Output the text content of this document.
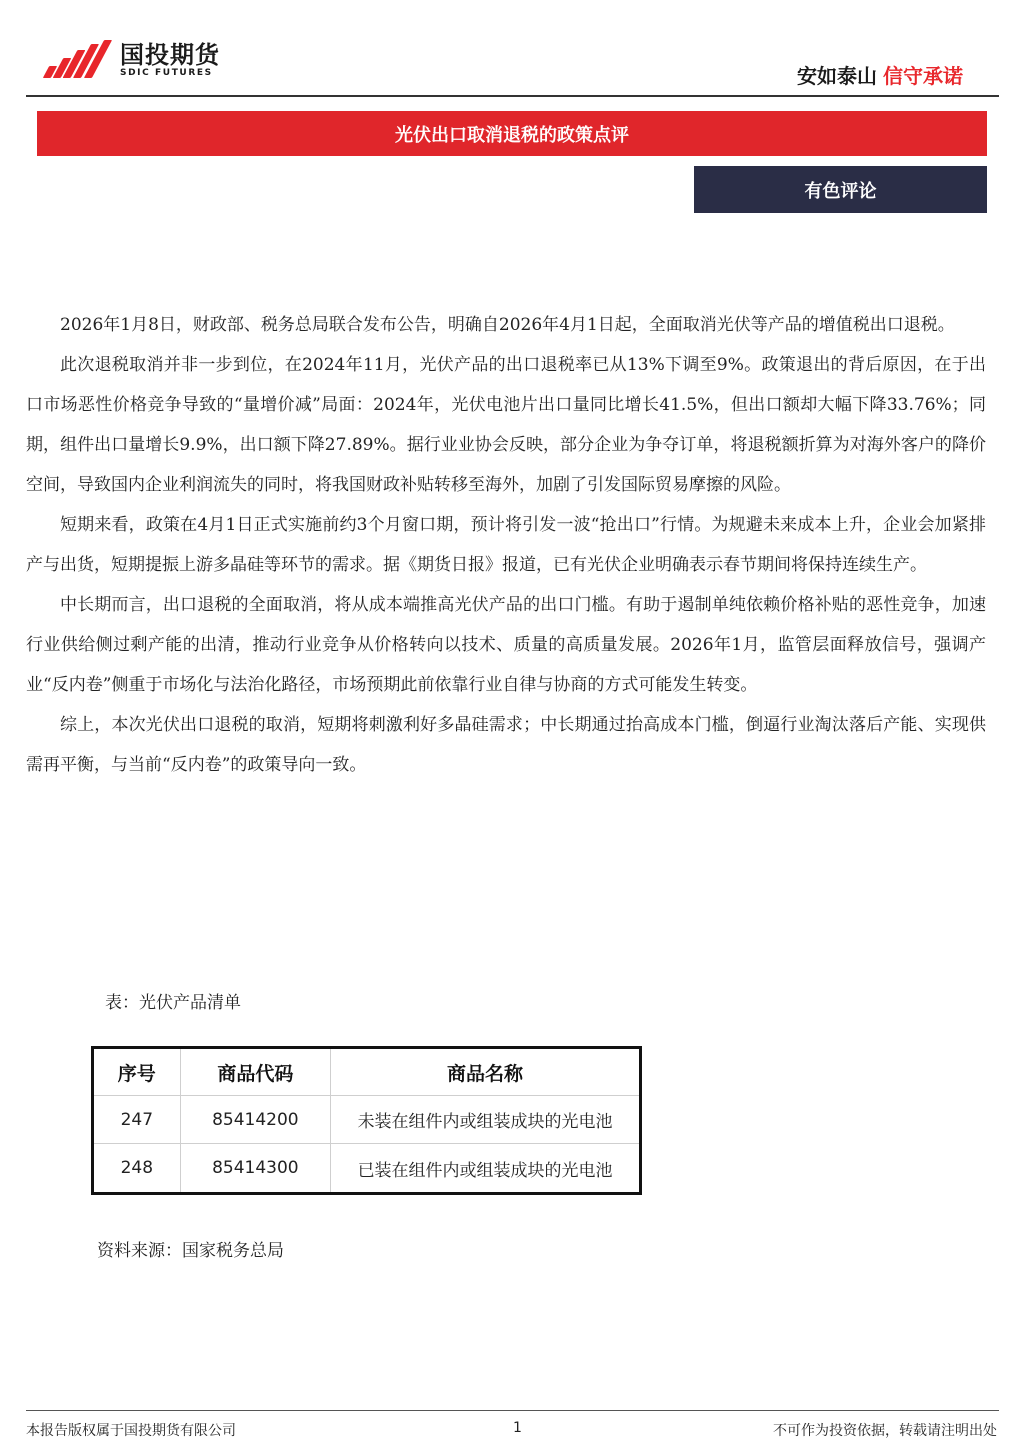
国投期货
SDIC FUTURES	安如泰山 信守承诺
光伏出口取消退税的政策点评
有色评论

2026年1月8日，财政部、税务总局联合发布公告，明确自2026年4月1日起，全面取消光伏等产品的增值税出口退税。

此次退税取消并非一步到位，在2024年11月，光伏产品的出口退税率已从13%下调至9%。政策退出的背后原因，在于出口市场恶性价格竞争导致的“量增价减”局面：2024年，光伏电池片出口量同比增长41.5%，但出口额却大幅下降33.76%；同期，组件出口量增长9.9%，出口额下降27.89%。据行业业协会反映，部分企业为争夺订单，将退税额折算为对海外客户的降价空间，导致国内企业利润流失的同时，将我国财政补贴转移至海外，加剧了引发国际贸易摩擦的风险。

短期来看，政策在4月1日正式实施前约3个月窗口期，预计将引发一波“抢出口”行情。为规避未来成本上升，企业会加紧排产与出货，短期提振上游多晶硅等环节的需求。据《期货日报》报道，已有光伏企业明确表示春节期间将保持连续生产。

中长期而言，出口退税的全面取消，将从成本端推高光伏产品的出口门槛。有助于遏制单纯依赖价格补贴的恶性竞争，加速行业供给侧过剩产能的出清，推动行业竞争从价格转向以技术、质量的高质量发展。2026年1月，监管层面释放信号，强调产业“反内卷”侧重于市场化与法治化路径，市场预期此前依靠行业自律与协商的方式可能发生转变。

综上，本次光伏出口退税的取消，短期将刺激利好多晶硅需求；中长期通过抬高成本门槛，倒逼行业淘汰落后产能、实现供需再平衡，与当前“反内卷”的政策导向一致。

表：光伏产品清单
序号	商品代码	商品名称
247	85414200	未装在组件内或组装成块的光电池
248	85414300	已装在组件内或组装成块的光电池
资料来源：国家税务总局
本报告版权属于国投期货有限公司	1	不可作为投资依据，转载请注明出处
